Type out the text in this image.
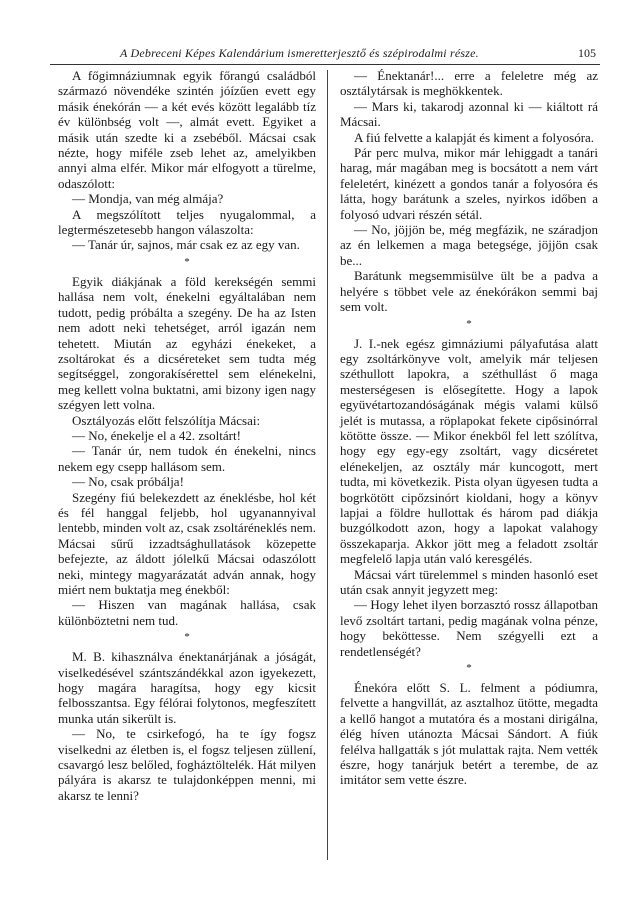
A Debreceni Képes Kalendárium ismeretterjesztő és szépirodalmi része.	105

A főgimnáziumnak egyik főrangú családból származó növendéke szintén jóízűen evett egy másik énekórán — a két evés között legalább tíz év különbség volt —, almát evett. Egyiket a másik után szedte ki a zsebéből. Mácsai csak nézte, hogy miféle zseb lehet az, amelyikben annyi alma elfér. Mikor már elfogyott a türelme, odaszólott:

— Mondja, van még almája?

A megszólított teljes nyugalommal, a legtermészetesebb hangon válaszolta:

— Tanár úr, sajnos, már csak ez az egy van.

*

Egyik diákjának a föld kerekségén semmi hallása nem volt, énekelni egyáltalában nem tudott, pedig próbálta a szegény. De ha az Isten nem adott neki tehetséget, arról igazán nem tehetett. Miután az egyházi énekeket, a zsoltárokat és a dicséreteket sem tudta még segítséggel, zongorakísérettel sem elénekelni, meg kellett volna buktatni, ami bizony igen nagy szégyen lett volna.

Osztályozás előtt felszólítja Mácsai:

— No, énekelje el a 42. zsoltárt!

— Tanár úr, nem tudok én énekelni, nincs nekem egy csepp hallásom sem.

— No, csak próbálja!

Szegény fiú belekezdett az éneklésbe, hol két és fél hanggal feljebb, hol ugyanannyival lentebb, minden volt az, csak zsoltáréneklés nem. Mácsai sűrű izzadtsághullatások közepette befejezte, az áldott jólelkű Mácsai odaszólott neki, mintegy magyarázatát adván annak, hogy miért nem buktatja meg énekből:

— Hiszen van magának hallása, csak különböztetni nem tud.

*

M. B. kihasználva énektanárjának a jóságát, viselkedésével szántszándékkal azon igyekezett, hogy magára haragítsa, hogy egy kicsit felbosszantsa. Egy félórai folytonos, megfeszített munka után sikerült is.

— No, te csirkefogó, ha te így fogsz viselkedni az életben is, el fogsz teljesen züllení, csavargó lesz belőled, fogháztöltelék. Hát milyen pályára is akarsz te tulajdonképpen menni, mi akarsz te lenni?

— Énektanár!... erre a feleletre még az osztálytársak is meghökkentek.

— Mars ki, takarodj azonnal ki — kiáltott rá Mácsai.

A fiú felvette a kalapját és kiment a folyosóra.

Pár perc mulva, mikor már lehiggadt a tanári harag, már magában meg is bocsátott a nem várt feleletért, kinézett a gondos tanár a folyosóra és látta, hogy barátunk a szeles, nyirkos időben a folyosó udvari részén sétál.

— No, jöjjön be, még megfázik, ne száradjon az én lelkemen a maga betegsége, jöjjön csak be...

Barátunk megsemmisülve ült be a padva a helyére s többet vele az énekórákon semmi baj sem volt.

*

J. I.-nek egész gimnáziumi pályafutása alatt egy zsoltárkönyve volt, amelyik már teljesen széthullott lapokra, a széthullást ő maga mesterségesen is elősegítette. Hogy a lapok együvétartozandóságának mégis valami külső jelét is mutassa, a röplapokat fekete cipősinórral kötötte össze. — Mikor énekből fel lett szólítva, hogy egy egy-egy zsoltárt, vagy dicséretet elénekeljen, az osztály már kuncogott, mert tudta, mi következik. Pista olyan ügyesen tudta a bogrkötött cipőzsinórt kioldani, hogy a könyv lapjai a földre hullottak és három pad diákja buzgólkodott azon, hogy a lapokat valahogy összekaparja. Akkor jött meg a feladott zsoltár megfelelő lapja után való keresgélés.

Mácsai várt türelemmel s minden hasonló eset után csak annyit jegyzett meg:

— Hogy lehet ilyen borzasztó rossz állapotban levő zsoltárt tartani, pedig magának volna pénze, hogy beköttesse. Nem szégyelli ezt a rendetlenségét?

*

Énekóra előtt S. L. felment a pódiumra, felvette a hangvillát, az asztalhoz ütötte, megadta a kellő hangot a mutatóra és a mostani dirigálna, élég híven utánozta Mácsai Sándort. A fiúk felélva hallgatták s jót mulattak rajta. Nem vették észre, hogy tanárjuk betért a terembe, de az imitátor sem vette észre.
